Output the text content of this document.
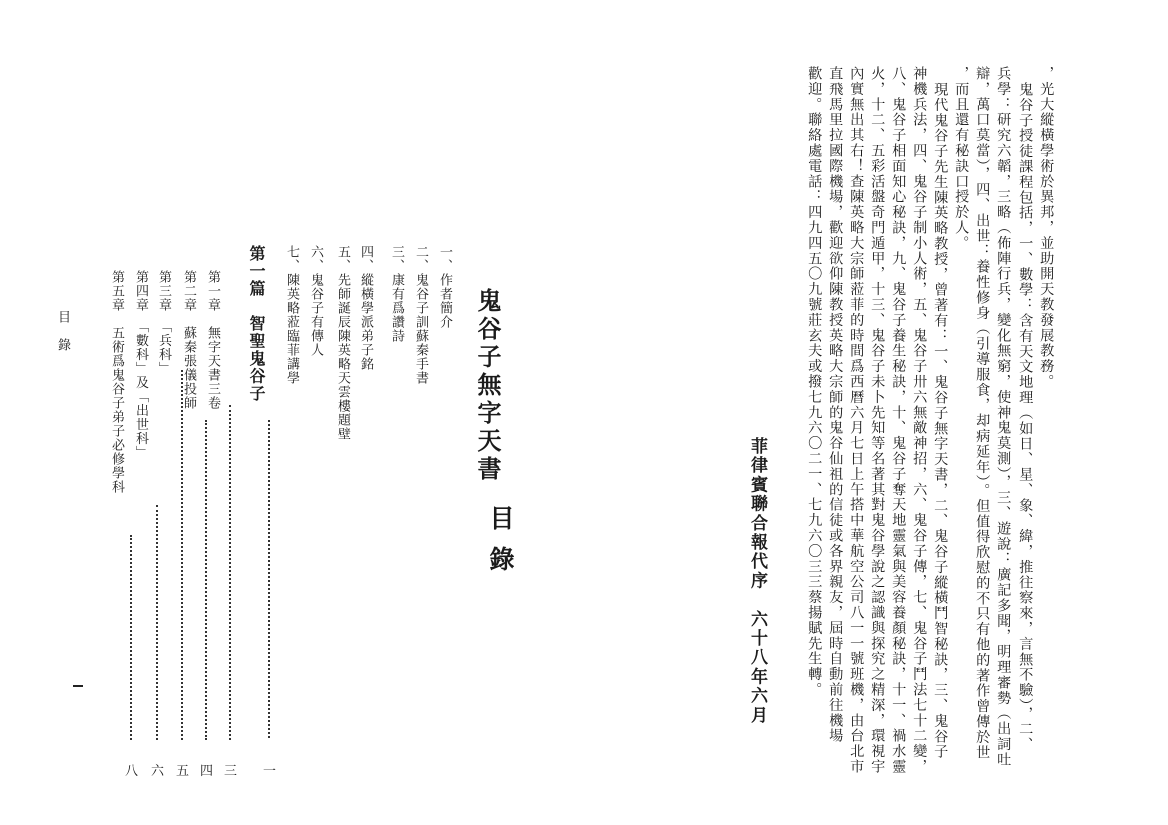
，光大縱橫學術於異邦，並助開天教發展教務。
鬼谷子授徒課程包括，一、數學：含有天文地理（如日、星、象、緯，推往察來，言無不驗），二、
兵學：研究六韜，三略（佈陣行兵，變化無窮，使神鬼莫測），三、遊說：廣記多聞，明理審勢（出詞吐
辯，萬口莫當），四、出世：養性修身（引導服食，却病延年）。但值得欣慰的不只有他的著作曾傳於世
，而且還有秘訣口授於人。
現代鬼谷子先生陳英略教授，曾著有：一、鬼谷子無字天書，二、鬼谷子縱橫鬥智秘訣，三、鬼谷子
神機兵法，四、鬼谷子制小人術，五、鬼谷子卅六無敵神招，六、鬼谷子傳，七、鬼谷子鬥法七十二變，
八、鬼谷子相面知心秘訣，九、鬼谷子養生秘訣，十、鬼谷子奪天地靈氣與美容養顏秘訣，十一、禍水靈
火，十二、五彩活盤奇門遁甲，十三、鬼谷子未卜先知等名著其對鬼谷學說之認識與探究之精深，環視宇
內實無出其右！查陳英略大宗師蒞菲的時間爲西曆六月七日上午搭中華航空公司八一一號班機，由台北市
直飛馬里拉國際機場，歡迎欲仰陳教授英略大宗師的鬼谷仙祖的信徒或各界親友，屆時自動前往機場
歡迎。聯絡處電話：四九四五〇九號莊玄夫或撥七九六〇二一、七九六〇三三蔡揚賦先生轉。
菲律賓聯合報代序　六十八年六月
鬼谷子無字天書
目錄
一、作者簡介
二、鬼谷子訓蘇秦手書
三、康有爲讚詩
四、縱橫學派弟子銘
五、先師誕辰陳英略天雲樓題壁
六、鬼谷子有傳人
七、陳英略蒞臨菲講學
第一篇　智聖鬼谷子
一
第一章　無字天書三卷
三
第二章　蘇秦張儀投師
四
第三章　「兵科」
五
第四章　「數科」及「出世科」
六
第五章　五術爲鬼谷子弟子必修學科
八
目　錄
